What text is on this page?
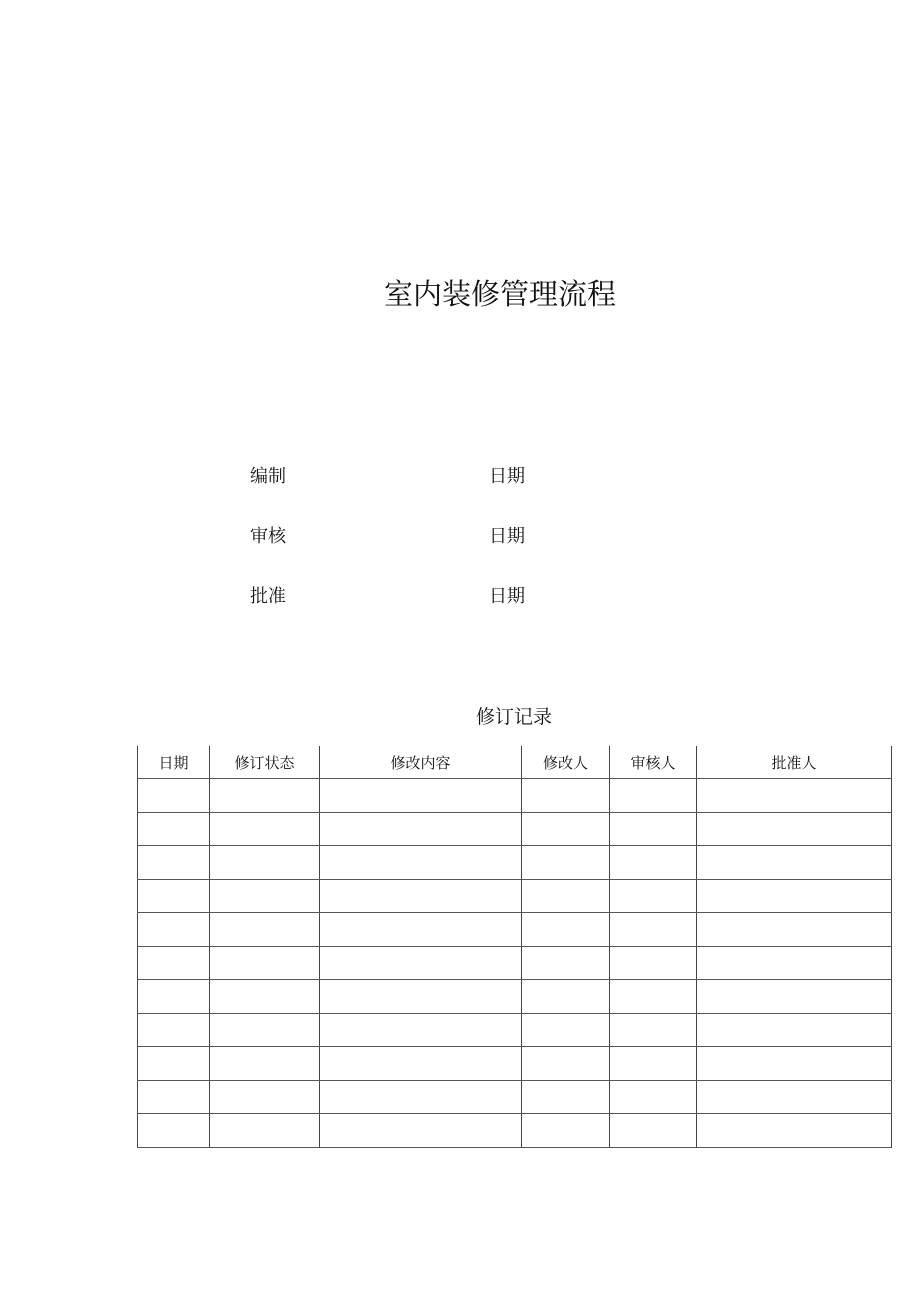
室内装修管理流程
编制	日期
审核	日期
批准	日期
修订记录
日期	修订状态	修改内容	修改人	审核人	批准人
